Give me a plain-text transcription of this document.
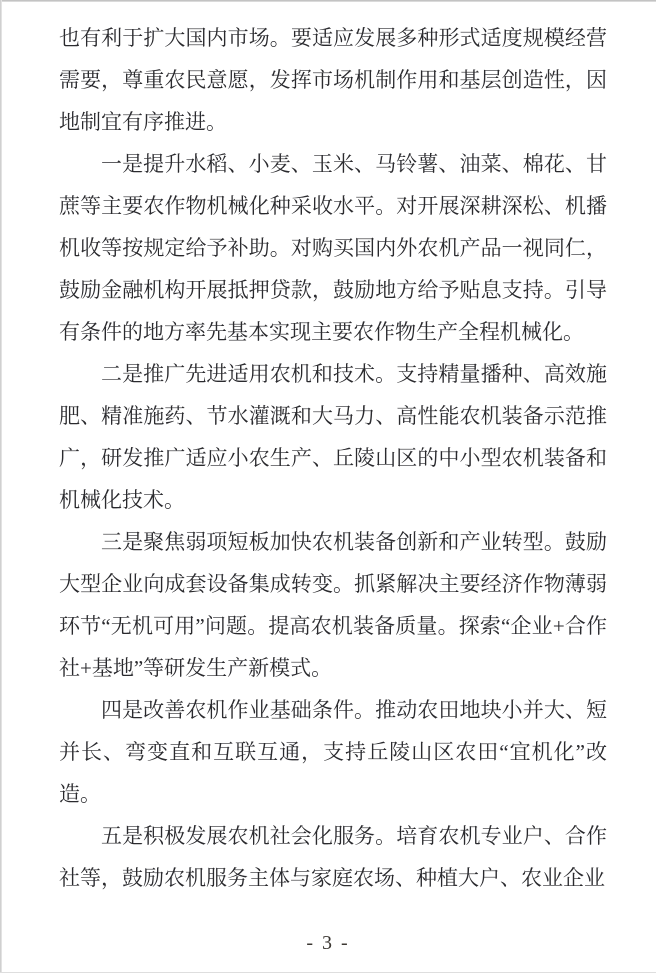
也有利于扩大国内市场。要适应发展多种形式适度规模经营需要，尊重农民意愿，发挥市场机制作用和基层创造性，因地制宜有序推进。

一是提升水稻、小麦、玉米、马铃薯、油菜、棉花、甘蔗等主要农作物机械化种采收水平。对开展深耕深松、机播机收等按规定给予补助。对购买国内外农机产品一视同仁，鼓励金融机构开展抵押贷款，鼓励地方给予贴息支持。引导有条件的地方率先基本实现主要农作物生产全程机械化。

二是推广先进适用农机和技术。支持精量播种、高效施肥、精准施药、节水灌溉和大马力、高性能农机装备示范推广，研发推广适应小农生产、丘陵山区的中小型农机装备和机械化技术。

三是聚焦弱项短板加快农机装备创新和产业转型。鼓励大型企业向成套设备集成转变。抓紧解决主要经济作物薄弱环节“无机可用”问题。提高农机装备质量。探索“企业+合作社+基地”等研发生产新模式。

四是改善农机作业基础条件。推动农田地块小并大、短并长、弯变直和互联互通，支持丘陵山区农田“宜机化”改造。

五是积极发展农机社会化服务。培育农机专业户、合作社等，鼓励农机服务主体与家庭农场、种植大户、农业企业

- 3 -
